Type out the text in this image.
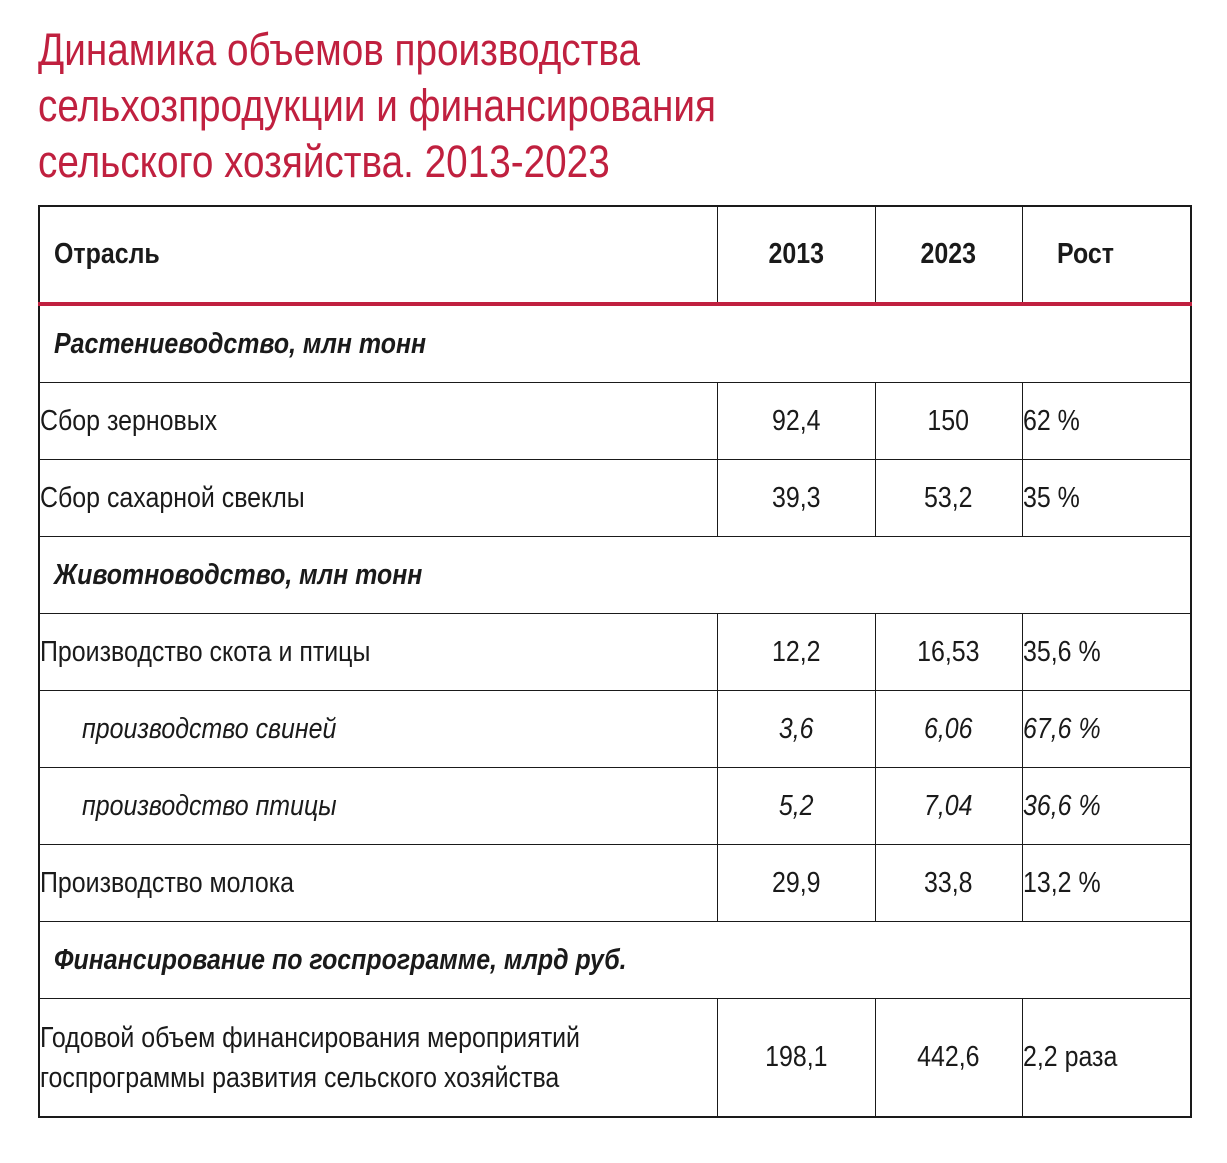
Динамика объемов производства
сельхозпродукции и финансирования
сельского хозяйства. 2013-2023
Отрасль	2013	2023	Рост
Растениеводство, млн тонн			
Сбор зерновых	92,4	150	62 %
Сбор сахарной свеклы	39,3	53,2	35 %
Животноводство, млн тонн			
Производство скота и птицы	12,2	16,53	35,6 %
производство свиней	3,6	6,06	67,6 %
производство птицы	5,2	7,04	36,6 %
Производство молока	29,9	33,8	13,2 %
Финансирование по госпрограмме, млрд руб.			

Годовой объем финансирования мероприятий
госпрограммы развития сельского хозяйства	198,1	442,6	2,2 раза
